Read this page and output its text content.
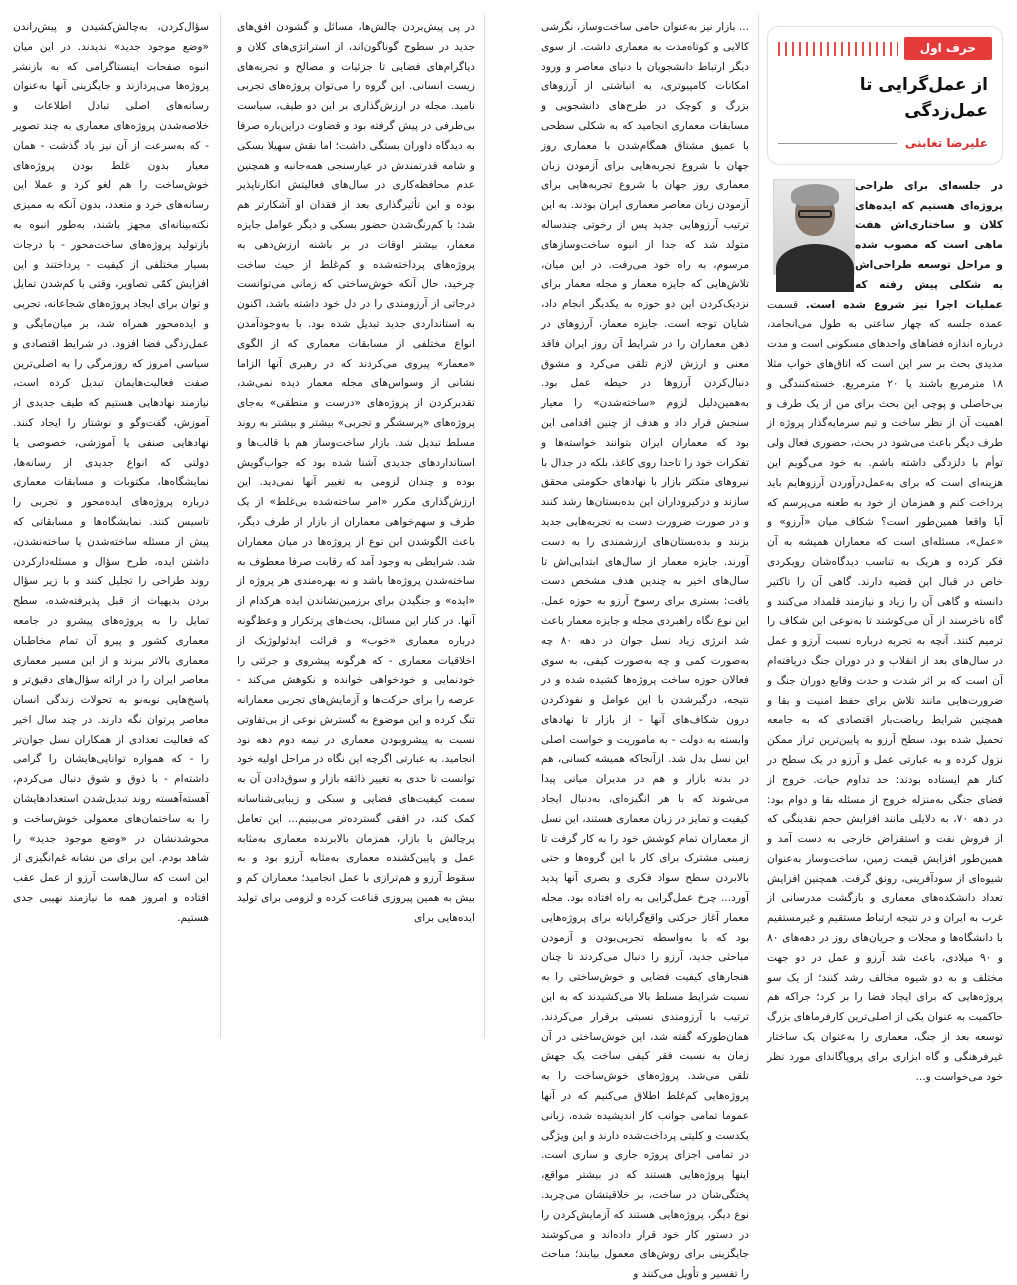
حرف اول
از عمل‌گرایی تا عمل‌زدگی
علیرضا تغابنی

در جلسه‌ای برای طراحی پروژه‌ای هستیم که ایده‌های کلان و ساختاری‌اش هفت ماهی است که مصوب شده و مراحل توسعه طراحی‌اش به شکلی پیش رفته که عملیات اجرا نیز شروع شده است. قسمت عمده جلسه که چهار ساعتی به طول می‌انجامد، درباره اندازه فضاهای واحدهای مسکونی است و مدت مدیدی بحث بر سر این است که اتاق‌های خواب مثلا ۱۸ مترمربع باشند یا ۲۰ مترمربع. خسته‌کنندگی و بی‌حاصلی و پوچی این بحث برای من از یک طرف و اهمیت آن از نظر ساخت و تیم سرمایه‌گذار پروژه از طرف دیگر باعث می‌شود در بحث، حضوری فعال ولی توأم با دلزدگی داشته باشم. به خود می‌گویم این هزینه‌ای است که برای به‌عمل‌درآوردن آرزوهایم باید پرداخت کنم و همزمان از خود به طعنه می‌پرسم که آیا واقعا همین‌طور است؟ شکاف میان «آرزو» و «عمل»، مسئله‌ای است که معماران همیشه به آن فکر کرده و هریک به تناسب دیدگاه‌شان رویکردی خاص در قبال این قضیه دارند. گاهی آن را تاکتیر دانسته و گاهی آن را زیاد و نیازمند قلمداد می‌کنند و گاه ناخرسند از آن می‌کوشند تا به‌نوعی این شکاف را ترمیم کنند. آنچه به تجربه درباره نسبت آرزو و عمل در سال‌های بعد از انقلاب و در دوران جنگ دریافته‌ام آن است که بر اثر شدت و حدت وقایع دوران جنگ و ضرورت‌هایی مانند تلاش برای حفظ امنیت و بقا و همچنین شرایط ریاضت‌بار اقتصادی که به جامعه تحمیل شده بود، سطح آرزو به پایین‌ترین تراز ممکن نزول کرده و به عبارتی عمل و آرزو در یک سطح در کنار هم ایستاده بودند: حد تداوم حیات. خروج از فضای جنگی به‌منزله خروج از مسئله بقا و دوام بود: در دهه ۷۰، به دلایلی مانند افزایش حجم نقدینگی که از فروش نفت و استقراض خارجی به دست آمد و همین‌طور افزایش قیمت زمین، ساخت‌وساز به‌عنوان شیوه‌ای از سودآفرینی، رونق گرفت. همچنین افزایش تعداد دانشکده‌های معماری و بازگشت مدرسانی از غرب به ایران و در نتیجه ارتباط مستقیم و غیرمستقیم با دانشگاه‌ها و مجلات و جریان‌های روز در دهه‌های ۸۰ و ۹۰ میلادی، باعث شد آرزو و عمل در دو جهت مختلف و به دو شیوه مخالف رشد کنند؛ از یک سو پروژه‌هایی که برای ایجاد فضا را بر کرد؛ جراکه هم حاکمیت به عنوان یکی از اصلی‌ترین کارفرماهای بزرگ توسعه بعد از جنگ، معماری را به‌عنوان یک ساختار غیرفرهنگی و گاه ابزاری برای پروپاگاندای مورد نظر خود می‌خواست و...

... بازار نیز به‌عنوان حامی ساخت‌وساز، نگرشی کالایی و کوتاه‌مدت به معماری داشت. از سوی دیگر ارتباط دانشجویان با دنیای معاصر و ورود امکانات کامپیوتری، به انباشتی از آرزوهای بزرگ و کوچک در طرح‌های دانشجویی و مسابقات معماری انجامید که به شکلی سطحی با عمیق مشتاق همگام‌شدن با معماری روز جهان با شروع تجربه‌هایی برای آزمودن زبان معماری روز جهان با شروع تجربه‌هایی برای آزمودن زبان معاصر معماری ایران بودند. به این ترتیب آرزوهایی جدید پس از رخوتی چندساله متولد شد که جدا از انبوه ساخت‌وسازهای مرسوم، به راه خود می‌رفت. در این میان، تلاش‌هایی که جایزه معمار و مجله معمار برای نزدیک‌کردن این دو حوزه به یکدیگر انجام داد، شایان توجه است. جایزه معمار، آرزوهای در ذهن معماران را در شرایط آن روز ایران فاقد معنی و ارزش لازم تلقی می‌کرد و مشوق دنبال‌کردن آرزوها در حیطه عمل بود. به‌همین‌دلیل لزوم «ساخته‌شدن» را معیار سنجش قرار داد و هدف از چنین اقدامی این بود که معماران ایران بتوانند خواسته‌ها و تفکرات خود را تاحدا روی کاغذ، بلکه در جدال با نیروهای متکثر بازار با نهادهای حکومتی محقق سازند و درکیروداران این بده‌بستان‌ها رشد کنند و در صورت ضرورت دست به تجربه‌هایی جدید بزنند و بده‌بستان‌های ارزشمندی را به دست آورند. جایزه معمار از سال‌های ابتدایی‌اش تا سال‌های اخیر به چندین هدف مشخص دست یافت: بستری برای رسوخ آرزو به حوزه عمل. این نوع نگاه راهبردی مجله و جایزه معمار باعث شد انرژی زیاد نسل جوان در دهه ۸۰ چه به‌صورت کمی و چه به‌صورت کیفی، به سوی فعالان حوزه ساخت پروژه‌ها کشیده شده و در نتیجه، درگیرشدن با این عوامل و نفوذکردن درون شکاف‌های آنها - از بازار تا نهادهای وابسته به دولت - به ماموریت و خواست اصلی این نسل بدل شد. ازآنجاکه همیشه کسانی، هم در بدنه بازار و هم در مدیران میانی پیدا می‌شوند که با هر انگیزه‌ای، به‌دنبال ایجاد کیفیت و تمایز در زبان معماری هستند، این نسل از معماران تمام کوشش خود را به کار گرفت تا زمینی مشترک برای کار با این گروه‌ها و حتی بالابردن سطح سواد فکری و بصری آنها پدید آورد... چرخ عمل‌گرایی به راه افتاده بود. مجله معمار آغاز حرکتی واقع‌گرایانه برای پروژه‌هایی بود که با به‌واسطه تجربی‌بودن و آزمودن مباحثی جدید، آرزو را دنبال می‌کردند تا چنان هنجارهای کیفیت فضایی و خوش‌ساختی را به نسبت شرایط مسلط بالا می‌کشیدند که به این ترتیب با آرزومندی نسبتی برقرار می‌کردند. همان‌طورکه گفته شد، این خوش‌ساختی در آن زمان به نسبت فقر کیفی ساخت یک جهش تلقی می‌شد. پروژه‌های خوش‌ساخت را به پروژه‌هایی کم‌غلط اطلاق می‌کنیم که در آنها عموما تمامی جوانب کار اندیشیده شده، زبانی یکدست و کلیتی پرداخت‌شده دارند و این ویژگی در تمامی اجزای پروژه جاری و ساری است. اینها پروژه‌هایی هستند که در بیشتر مواقع، پختگی‌شان در ساخت، بر خلاقیتشان می‌چربد. نوع دیگر، پروژه‌هایی هستند که آزمایش‌کردن را در دستور کار خود قرار داده‌اند و می‌کوشند جایگزینی برای روش‌های معمول بیابند؛ مباحث را تفسیر و تأویل می‌کنند و

در پی پیش‌بردن چالش‌ها، مسائل و گشودن افق‌های جدید در سطوح گوناگون‌اند، از استراتژی‌های کلان و دیاگرام‌های فضایی تا جزئیات و مصالح و تجربه‌های زیست انسانی. این گروه را می‌توان پروژه‌های تجربی نامید. مجله در ارزش‌گذاری بر این دو طیف، سیاست بی‌طرفی در پیش گرفته بود و قضاوت دراین‌باره صرفا به دیدگاه داوران بستگی داشت؛ اما نقش سهیلا بسکی و شامه قدرتمندش در عیارسنجی همه‌جانبه و همچنین عدم محافظه‌کاری در سال‌های فعالیتش انکارناپذیر بوده و این تأثیرگذاری بعد از فقدان او آشکارتر هم شد: با کم‌رنگ‌شدن حضور بسکی و دیگر عوامل جایزه معمار، بیشتر اوقات در بر باشنه ارزش‌دهی به پروژه‌های پرداخته‌شده و کم‌غلط از حیث ساخت چرخید، حال آنکه خوش‌ساختی که زمانی می‌توانست درجاتی از آرزومندی را در دل خود داشته باشد، اکنون به استانداردی جدید تبدیل شده بود. با به‌وجودآمدن انواع مختلفی از مسابقات معماری که از الگوی «معمار» پیروی می‌کردند که در رهبری آنها الزاما نشانی از وسواس‌های مجله معمار دیده نمی‌شد، تقدیرکردن از پروژه‌های «درست و منطقی» به‌جای پروژه‌های «پرسشگر و تجربی» بیشتر و بیشتر به روند مسلط تبدیل شد. بازار ساخت‌وساز هم با قالب‌ها و استانداردهای جدیدی آشنا شده بود که جواب‌گویش بوده و چندان لزومی به تغییر آنها نمی‌دید. این ارزش‌گذاری مکرر «امر ساخته‌شده بی‌غلط» از یک طرف و سهم‌خواهی معماران از بازار از طرف دیگر، باعث الگوشدن این نوع از پروژه‌ها در میان معماران شد. شرایطی به وجود آمد که رقابت صرفا معطوف به ساخته‌شدن پروژه‌ها باشد و نه بهره‌مندی هر پروژه از «ایده» و جنگیدن برای برزمین‌نشاندن ایده هرکدام از آنها. در کنار این مسائل، بحث‌های پرتکرار و وعظ‌گونه درباره معماری «خوب» و قرائت ایدئولوژیک از اخلاقیات معماری - که هرگونه پیشروی و جرئتی را خودنمایی و خودخواهی خوانده و نکوهش می‌کند - عرصه را برای حرکت‌ها و آزمایش‌های تجربی معمارانه تنگ کرده و این موضوع به گسترش نوعی از بی‌تفاوتی نسبت به پیشروبودن معماری در نیمه دوم دهه نود انجامید. به عبارتی اگرچه این نگاه در مراحل اولیه خود توانست تا حدی به تغییر ذائقه بازار و سوق‌دادن آن به سمت کیفیت‌های فضایی و سبکی و زیبایی‌شناسانه کمک کند، در افقی گسترده‌تر می‌بینیم... این تعامل پرچالش با بازار، همزمان بالابرنده معماری به‌مثابه عمل و پایین‌کشنده معماری به‌مثابه آرزو بود و به سقوط آرزو و هم‌ترازی با عمل انجامید؛ معماران کم و بیش به همین پیروزی قناعت کرده و لزومی برای تولید ایده‌هایی برای

سؤال‌کردن، به‌چالش‌کشیدن و پیش‌راندن «وضع موجود جدید» ندیدند. در این میان انبوه صفحات اینستاگرامی که به بازنشر پروژه‌ها می‌پردازند و جایگزینی آنها به‌عنوان رسانه‌های اصلی تبادل اطلاعات و خلاصه‌شدن پروژه‌های معماری به چند تصویر - که به‌سرعت از آن نیز یاد گذشت - همان معیار بدون غلط بودن پروژه‌های خوش‌ساخت را هم لغو کرد و عملا این رسانه‌های خرد و متعدد، بدون آنکه به مميزی نکته‌بینانه‌ای مجهز باشند، به‌طور انبوه به بازتولید پروژه‌های ساخت‌محور - با درجات بسیار مختلفی از کیفیت - پرداختند و این افزایش کمّی تصاویر، وقتی با کم‌شدن تمایل و توان برای ایجاد پروژه‌های شجاعانه، تجربی و ایده‌محور همراه شد، بر میان‌مایگی و عمل‌زدگی فضا افزود. در شرایط اقتصادی و سیاسی امروز که روزمرگی را به اصلی‌ترین صفت فعالیت‌هایمان تبدیل کرده است، نیازمند نهادهایی هستیم که طیف جدیدی از آموزش، گفت‌وگو و نوشتار را ایجاد کنند. نهادهایی صنفی یا آموزشی، خصوصی یا دولتی که انواع جدیدی از رسانه‌ها، نمایشگاه‌ها، مکتوبات و مسابقات معماری درباره پروژه‌های ایده‌محور و تجربی را تاسیس کنند. نمایشگاه‌ها و مسابقاتی که پیش از مسئله ساخته‌شدن یا ساخته‌نشدن، داشتن ایده، طرح سؤال و مسئله‌دارکردن روند طراحی را تجلیل کنند و با زیر سؤال بردن بدیهیات از قبل پذیرفته‌شده، سطح تمایل را به پروژه‌های پیشرو در جامعه معماری کشور و پیرو آن تمام مخاطبان معماری بالاتر ببرند و از این مسیر معماری معاصر ایران را در ارائه سؤال‌های دقیق‌تر و پاسخ‌هایی نوبه‌نو به تحولات زندگی انسان معاصر پرتوان نگه دارند. در چند سال اخیر که فعالیت تعدادی از همکاران نسل جوان‌تر را - که همواره توانایی‌هایشان را گرامی داشته‌ام - با ذوق و شوق دنبال می‌کردم، آهسته‌آهسته روند تبدیل‌شدن استعدادهایشان را به ساختمان‌های معمولی خوش‌ساخت و محوشدنشان در «وضع موجود جدید» را شاهد بودم. این برای من نشانه غم‌انگیزی از این است که سال‌هاست آرزو از عمل عقب افتاده و امروز همه ما نیازمند نهیبی جدی هستیم.
